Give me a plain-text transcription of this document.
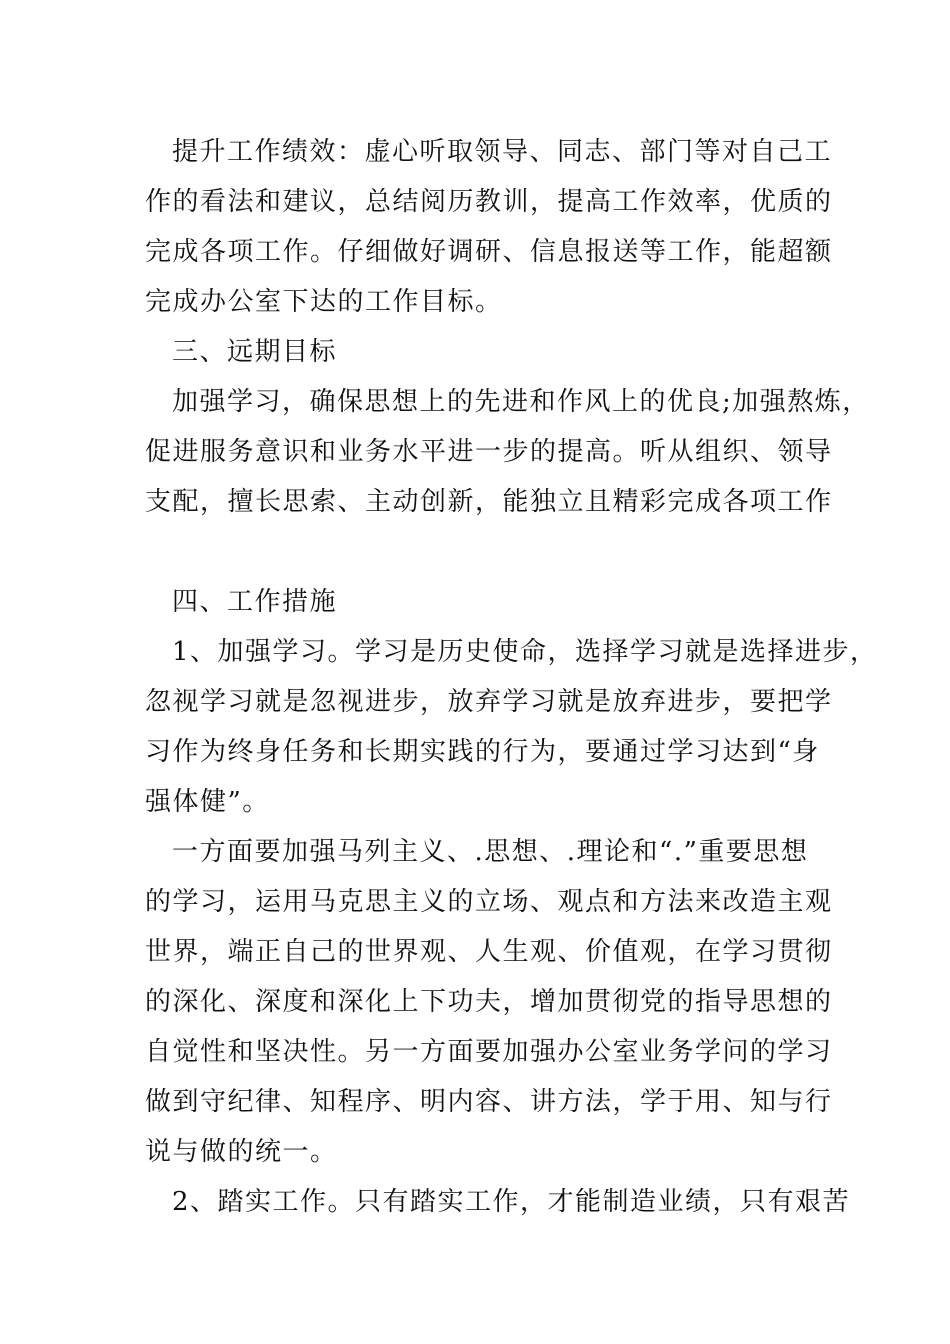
提升工作绩效：虚心听取领导、同志、部门等对自己工
作的看法和建议，总结阅历教训，提高工作效率，优质的
完成各项工作。仔细做好调研、信息报送等工作，能超额
完成办公室下达的工作目标。
三、远期目标
加强学习，确保思想上的先进和作风上的优良;加强熬炼，
促进服务意识和业务水平进一步的提高。听从组织、领导
支配，擅长思索、主动创新，能独立且精彩完成各项工作
四、工作措施
1、加强学习。学习是历史使命，选择学习就是选择进步，
忽视学习就是忽视进步，放弃学习就是放弃进步，要把学
习作为终身任务和长期实践的行为，要通过学习达到“身
强体健”。
一方面要加强马列主义、.思想、.理论和“.”重要思想
的学习，运用马克思主义的立场、观点和方法来改造主观
世界，端正自己的世界观、人生观、价值观，在学习贯彻
的深化、深度和深化上下功夫，增加贯彻党的指导思想的
自觉性和坚决性。另一方面要加强办公室业务学问的学习
做到守纪律、知程序、明内容、讲方法，学于用、知与行
说与做的统一。
2、踏实工作。只有踏实工作，才能制造业绩，只有艰苦
